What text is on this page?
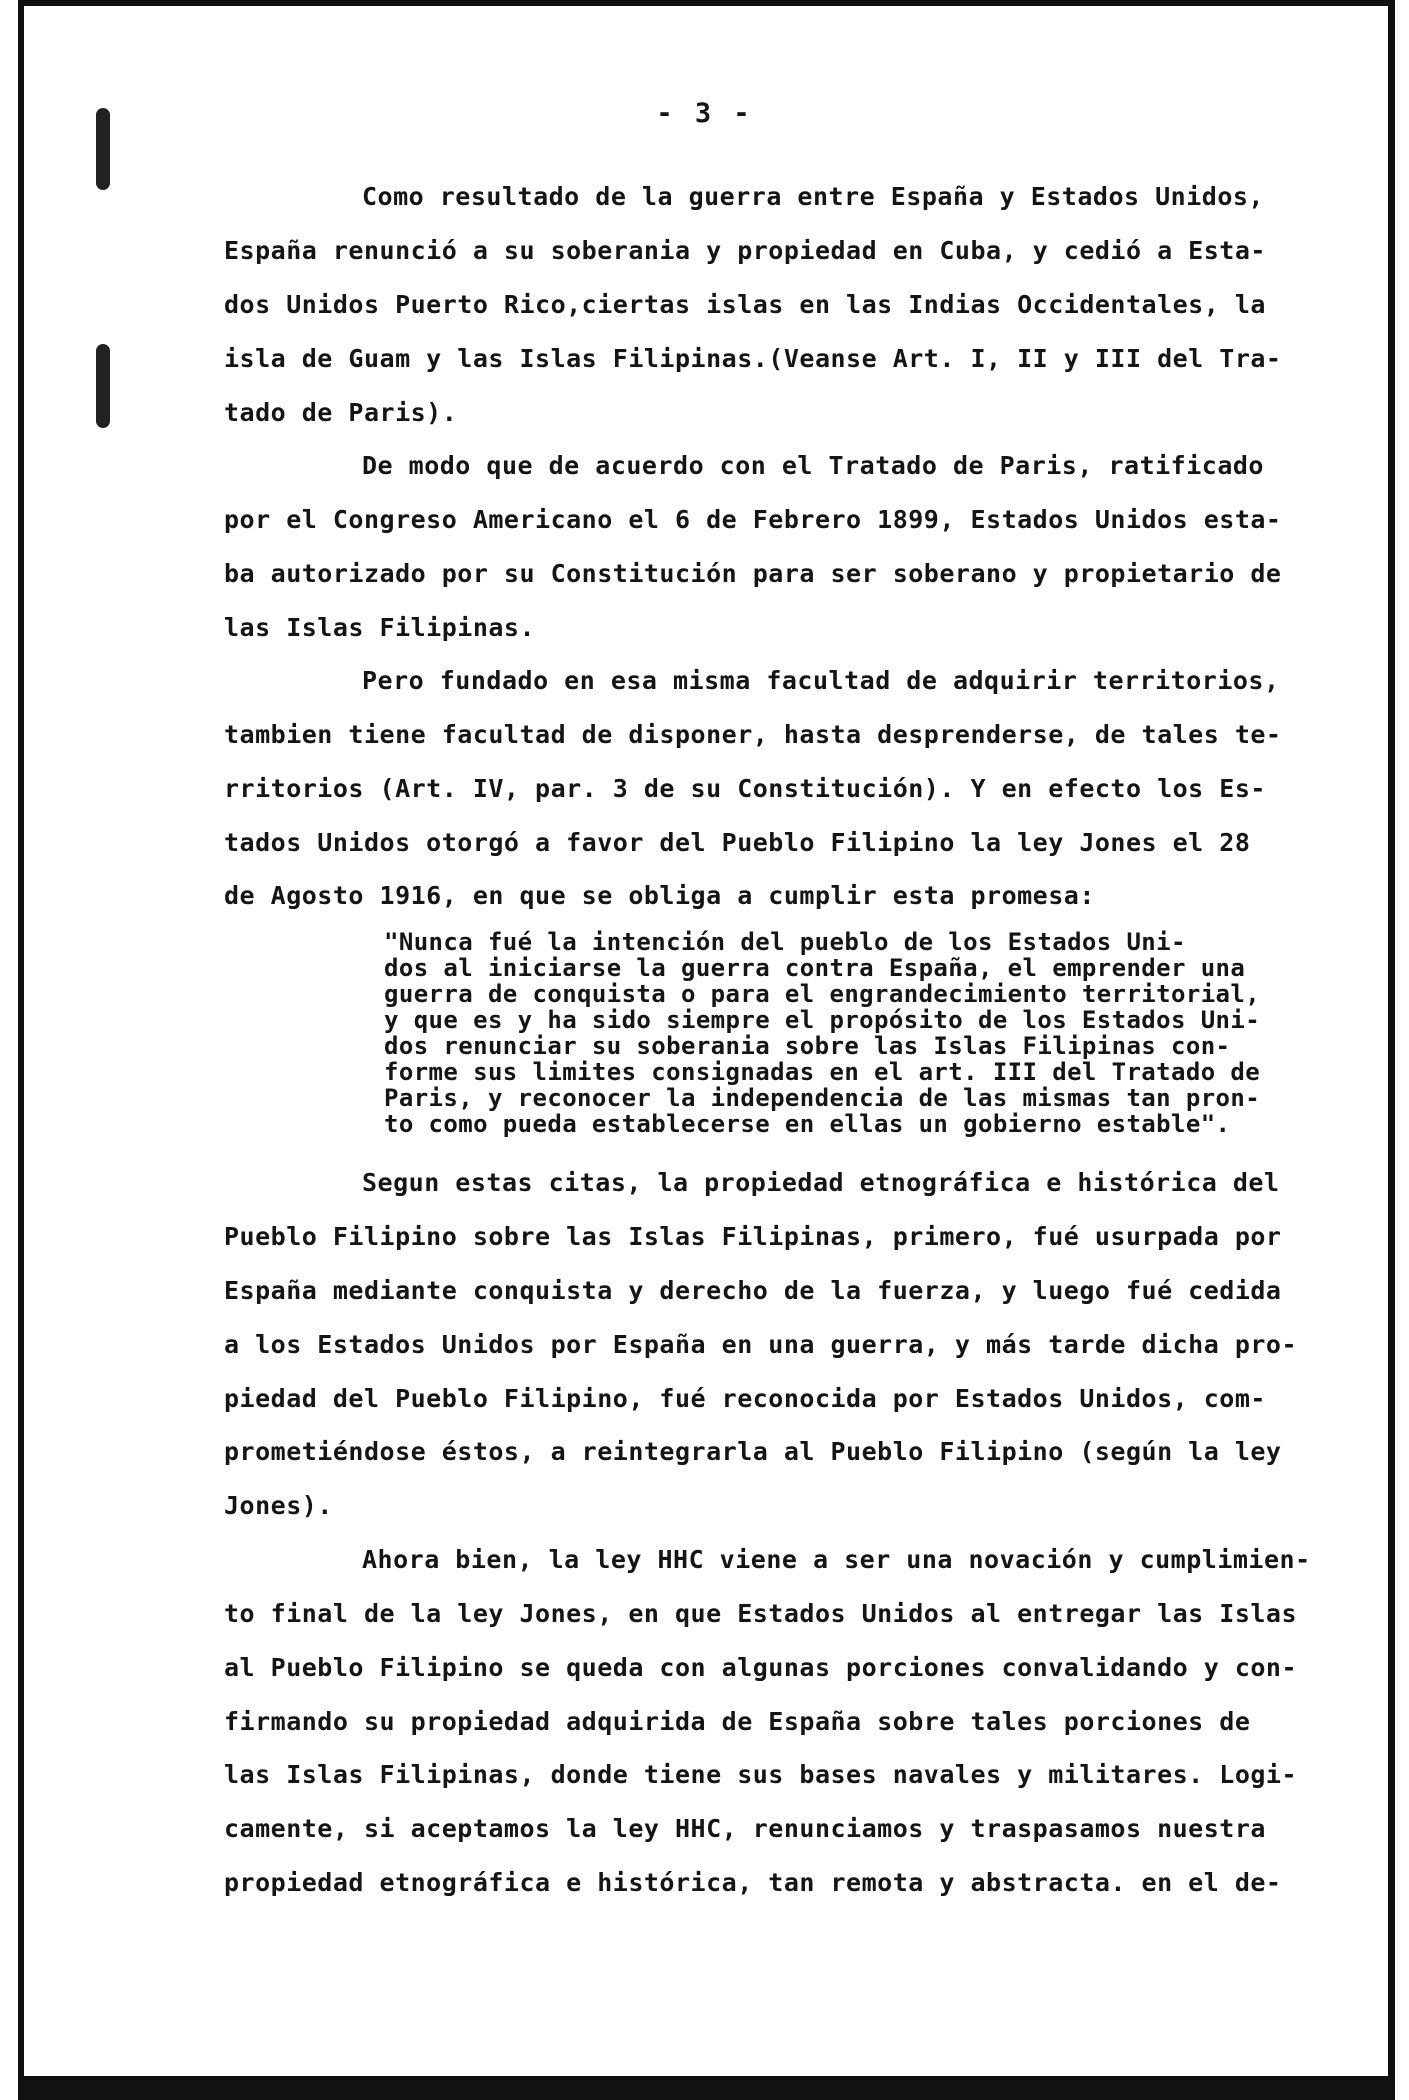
- 3 -
Como resultado de la guerra entre España y Estados Unidos,
España renunció a su soberania y propiedad en Cuba, y cedió a Esta-
dos Unidos Puerto Rico,ciertas islas en las Indias Occidentales, la
isla de Guam y las Islas Filipinas.(Veanse Art. I, II y III del Tra-
tado de Paris).
De modo que de acuerdo con el Tratado de Paris, ratificado
por el Congreso Americano el 6 de Febrero 1899, Estados Unidos esta-
ba autorizado por su Constitución para ser soberano y propietario de
las Islas Filipinas.
Pero fundado en esa misma facultad de adquirir territorios,
tambien tiene facultad de disponer, hasta desprenderse, de tales te-
rritorios (Art. IV, par. 3 de su Constitución). Y en efecto los Es-
tados Unidos otorgó a favor del Pueblo Filipino la ley Jones el 28
de Agosto 1916, en que se obliga a cumplir esta promesa:
"Nunca fué la intención del pueblo de los Estados Uni-
dos al iniciarse la guerra contra España, el emprender una
guerra de conquista o para el engrandecimiento territorial,
y que es y ha sido siempre el propósito de los Estados Uni-
dos renunciar su soberania sobre las Islas Filipinas con-
forme sus limites consignadas en el art. III del Tratado de
Paris, y reconocer la independencia de las mismas tan pron-
to como pueda establecerse en ellas un gobierno estable".
Segun estas citas, la propiedad etnográfica e histórica del
Pueblo Filipino sobre las Islas Filipinas, primero, fué usurpada por
España mediante conquista y derecho de la fuerza, y luego fué cedida
a los Estados Unidos por España en una guerra, y más tarde dicha pro-
piedad del Pueblo Filipino, fué reconocida por Estados Unidos, com-
prometiéndose éstos, a reintegrarla al Pueblo Filipino (según la ley
Jones).
Ahora bien, la ley HHC viene a ser una novación y cumplimien-
to final de la ley Jones, en que Estados Unidos al entregar las Islas
al Pueblo Filipino se queda con algunas porciones convalidando y con-
firmando su propiedad adquirida de España sobre tales porciones de
las Islas Filipinas, donde tiene sus bases navales y militares. Logi-
camente, si aceptamos la ley HHC, renunciamos y traspasamos nuestra
propiedad etnográfica e histórica, tan remota y abstracta. en el de-
